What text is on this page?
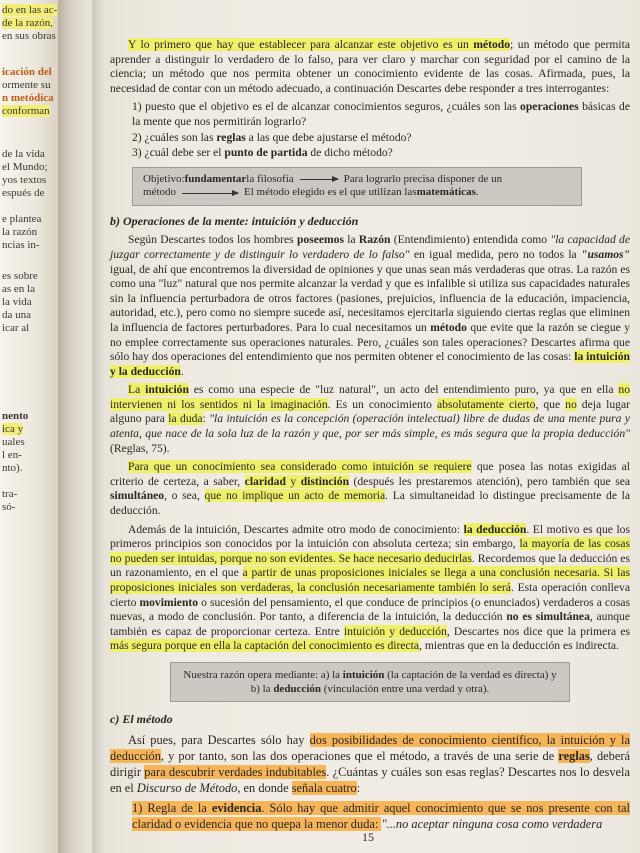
do en las ac-
de la razón,
en sus obras
icación del
ormente su
n metódica
conforman
de la vida
el Mundo;
yos textos
espués de
e plantea
la razón
ncias in-
es sobre
as en la
la vida
da una
icar al
nento
ica y
uales
l en-
nto).
tra-
só-

Y lo primero que hay que establecer para alcanzar este objetivo es un método; un método que permita aprender a distinguir lo verdadero de lo falso, para ver claro y marchar con seguridad por el camino de la ciencia; un método que nos permita obtener un conocimiento evidente de las cosas. Afirmada, pues, la necesidad de contar con un método adecuado, a continuación Descartes debe responder a tres interrogantes:

1) puesto que el objetivo es el de alcanzar conocimientos seguros, ¿cuáles son las operaciones básicas de la mente que nos permitirán lograrlo?
2) ¿cuáles son las reglas a las que debe ajustarse el método?
3) ¿cuál debe ser el punto de partida de dicho método?
Objetivo: fundamentar la filosofía	Para lograrlo precisa disponer de un
método	El método elegido es el que utilizan las matemáticas .
b) Operaciones de la mente: intuición y deducción

Según Descartes todos los hombres poseemos la Razón (Entendimiento) entendida como "la capacidad de juzgar correctamente y de distinguir lo verdadero de lo falso" en igual medida, pero no todos la "usamos" igual, de ahí que encontremos la diversidad de opiniones y que unas sean más verdaderas que otras. La razón es como una "luz" natural que nos permite alcanzar la verdad y que es infalible si utiliza sus capacidades naturales sin la influencia perturbadora de otros factores (pasiones, prejuicios, influencia de la educación, impaciencia, autoridad, etc.), pero como no siempre sucede así, necesitamos ejercitarla siguiendo ciertas reglas que eliminen la influencia de factores perturbadores. Para lo cual necesitamos un método que evite que la razón se ciegue y no emplee correctamente sus operaciones naturales. Pero, ¿cuáles son tales operaciones? Descartes afirma que sólo hay dos operaciones del entendimiento que nos permiten obtener el conocimiento de las cosas: la intuición y la deducción.

La intuición es como una especie de "luz natural", un acto del entendimiento puro, ya que en ella no intervienen ni los sentidos ni la imaginación. Es un conocimiento absolutamente cierto, que no deja lugar alguno para la duda: "la intuición es la concepción (operación intelectual) libre de dudas de una mente pura y atenta, que nace de la sola luz de la razón y que, por ser más simple, es más segura que la propia deducción" (Reglas, 75).

Para que un conocimiento sea considerado como intuición se requiere que posea las notas exigidas al criterio de certeza, a saber, claridad y distinción (después les prestaremos atención), pero también que sea simultáneo, o sea, que no implique un acto de memoria. La simultaneidad lo distingue precisamente de la deducción.

Además de la intuición, Descartes admite otro modo de conocimiento: la deducción. El motivo es que los primeros principios son conocidos por la intuición con absoluta certeza; sin embargo, la mayoría de las cosas no pueden ser intuidas, porque no son evidentes. Se hace necesario deducirlas. Recordemos que la deducción es un razonamiento, en el que a partir de unas proposiciones iniciales se llega a una conclusión necesaria. Si las proposiciones iniciales son verdaderas, la conclusión necesariamente también lo será. Esta operación conlleva cierto movimiento o sucesión del pensamiento, el que conduce de principios (o enunciados) verdaderos a cosas nuevas, a modo de conclusión. Por tanto, a diferencia de la intuición, la deducción no es simultánea, aunque también es capaz de proporcionar certeza. Entre intuición y deducción, Descartes nos dice que la primera es más segura porque en ella la captación del conocimiento es directa, mientras que en la deducción es indirecta.

Nuestra razón opera mediante: a) la intuición (la captación de la verdad es directa) y b) la deducción (vinculación entre una verdad y otra).
c) El método

Así pues, para Descartes sólo hay dos posibilidades de conocimiento científico, la intuición y la deducción, y por tanto, son las dos operaciones que el método, a través de una serie de reglas, deberá dirigir para descubrir verdades indubitables. ¿Cuántas y cuáles son esas reglas? Descartes nos lo desvela en el Discurso de Método, en donde señala cuatro:

1) Regla de la evidencia. Sólo hay que admitir aquel conocimiento que se nos presente con tal claridad o evidencia que no quepa la menor duda: "...no aceptar ninguna cosa como verdadera

15
